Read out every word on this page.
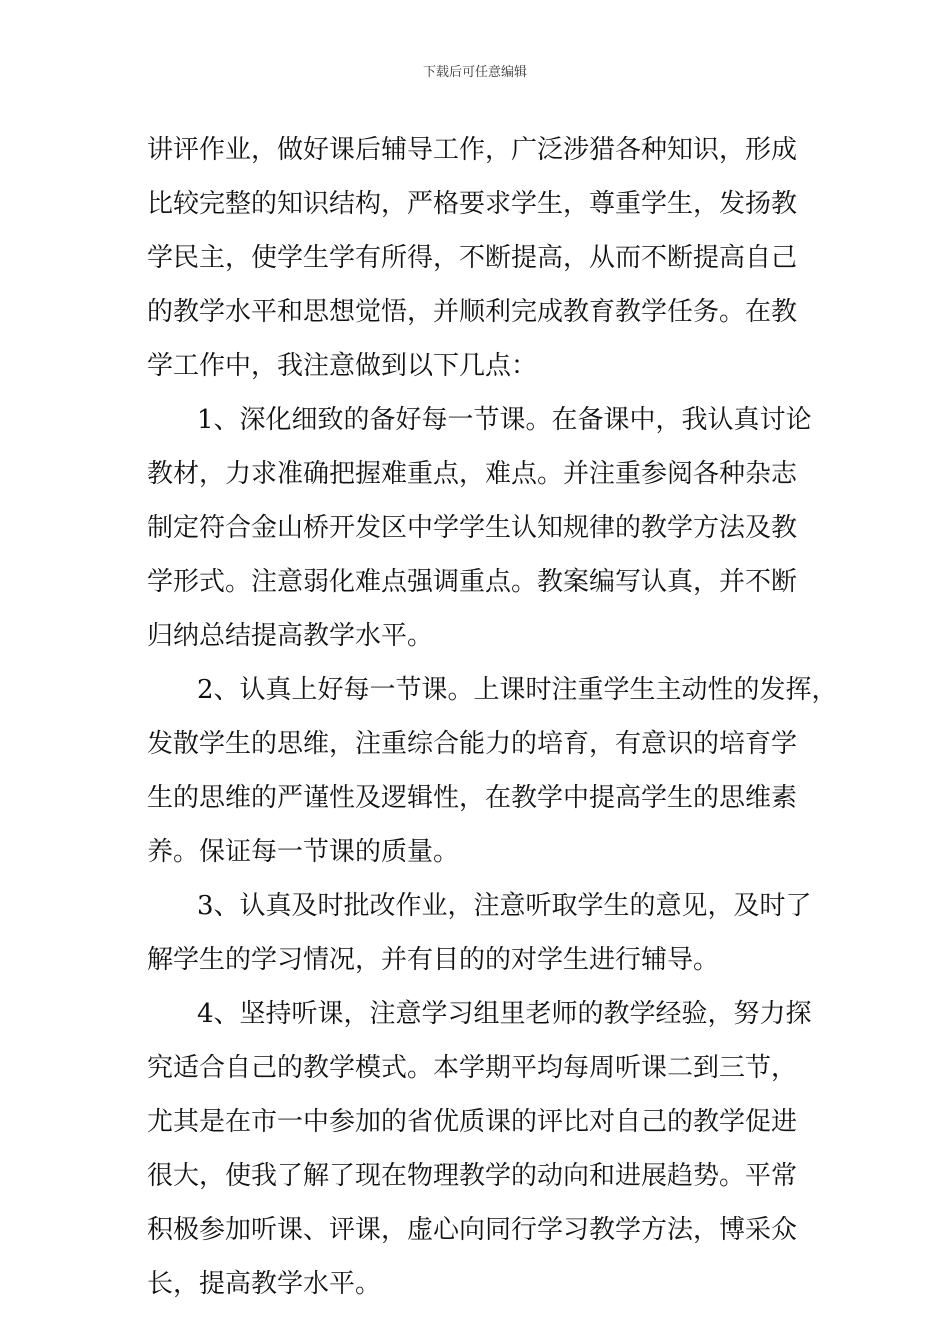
下载后可任意编辑
讲评作业，做好课后辅导工作，广泛涉猎各种知识，形成
比较完整的知识结构，严格要求学生，尊重学生，发扬教
学民主，使学生学有所得，不断提高，从而不断提高自己
的教学水平和思想觉悟，并顺利完成教育教学任务。在教
学工作中，我注意做到以下几点：
1、深化细致的备好每一节课。在备课中，我认真讨论
教材，力求准确把握难重点，难点。并注重参阅各种杂志
制定符合金山桥开发区中学学生认知规律的教学方法及教
学形式。注意弱化难点强调重点。教案编写认真，并不断
归纳总结提高教学水平。
2、认真上好每一节课。上课时注重学生主动性的发挥，
发散学生的思维，注重综合能力的培育，有意识的培育学
生的思维的严谨性及逻辑性，在教学中提高学生的思维素
养。保证每一节课的质量。
3、认真及时批改作业，注意听取学生的意见，及时了
解学生的学习情况，并有目的的对学生进行辅导。
4、坚持听课，注意学习组里老师的教学经验，努力探
究适合自己的教学模式。本学期平均每周听课二到三节，
尤其是在市一中参加的省优质课的评比对自己的教学促进
很大，使我了解了现在物理教学的动向和进展趋势。平常
积极参加听课、评课，虚心向同行学习教学方法，博采众
长，提高教学水平。
